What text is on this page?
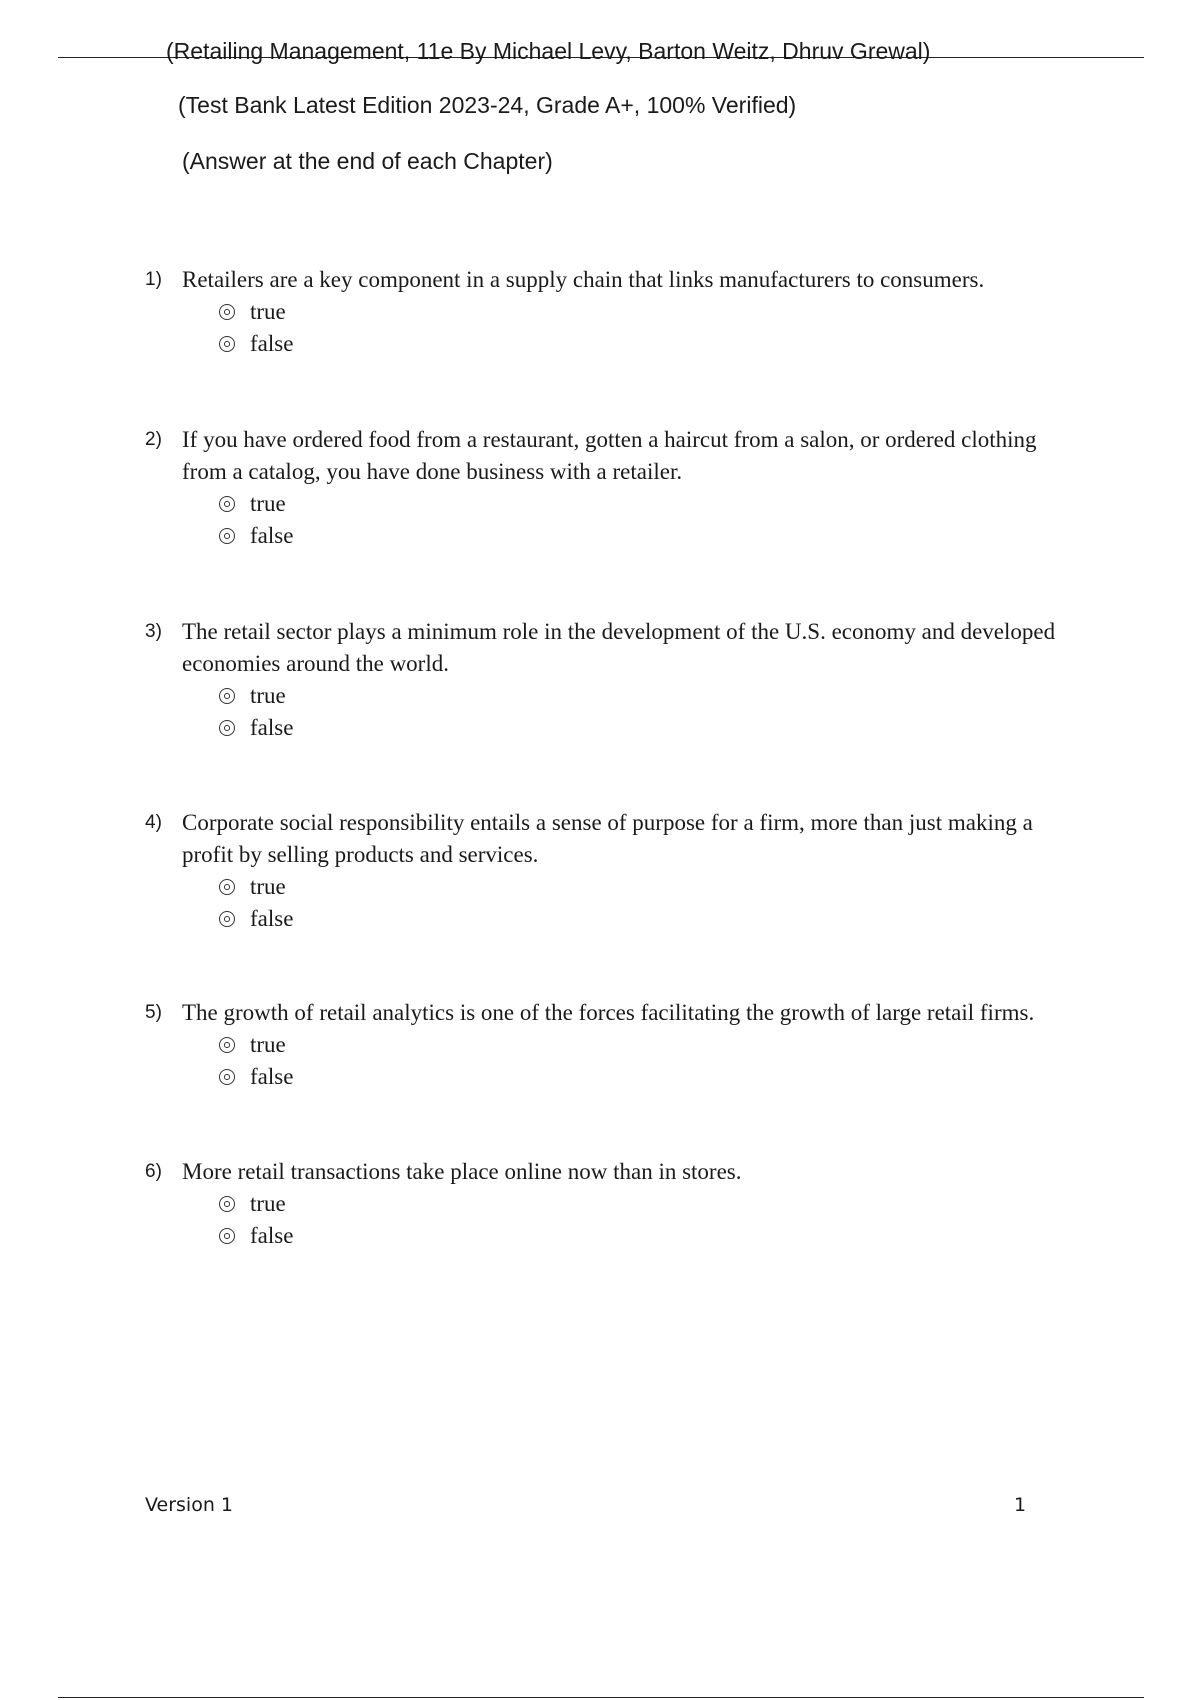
(Retailing Management, 11e By Michael Levy, Barton Weitz, Dhruv Grewal)
(Test Bank Latest Edition 2023-24, Grade A+, 100% Verified)
(Answer at the end of each Chapter)
1) Retailers are a key component in a supply chain that links manufacturers to consumers.
true
false
2) If you have ordered food from a restaurant, gotten a haircut from a salon, or ordered clothing from a catalog, you have done business with a retailer.
true
false
3) The retail sector plays a minimum role in the development of the U.S. economy and developed economies around the world.
true
false
4) Corporate social responsibility entails a sense of purpose for a firm, more than just making a profit by selling products and services.
true
false
5) The growth of retail analytics is one of the forces facilitating the growth of large retail firms.
true
false
6) More retail transactions take place online now than in stores.
true
false
Version 1	1
